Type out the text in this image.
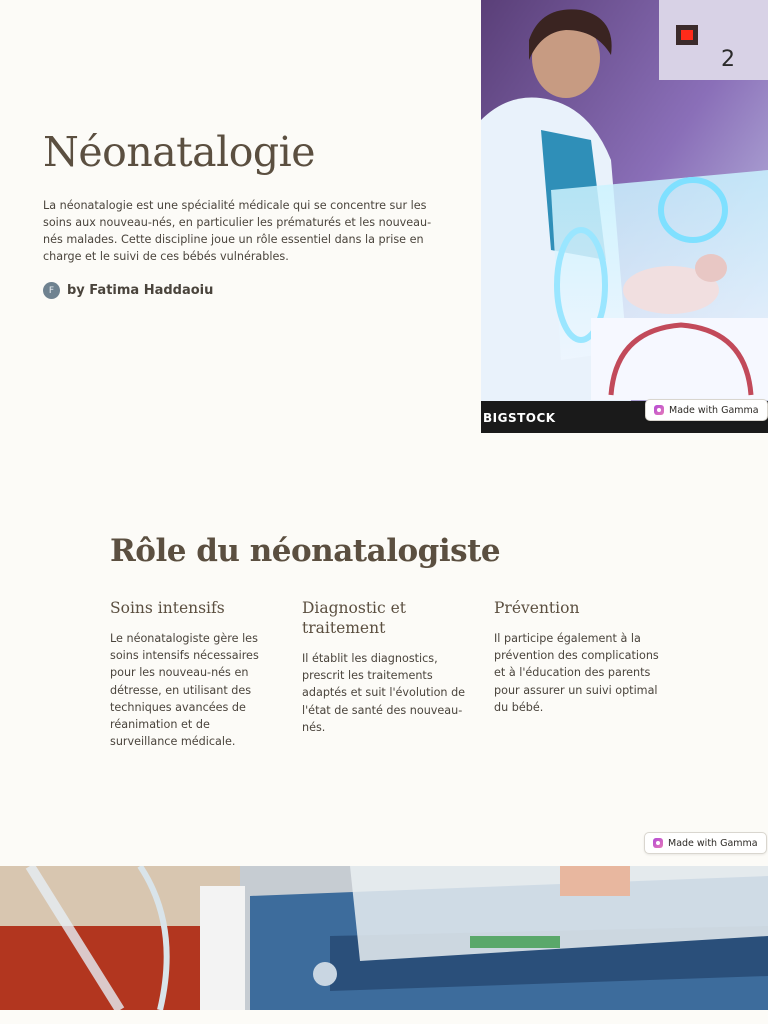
Néonatalogie

La néonatalogie est une spécialité médicale qui se concentre sur les soins aux nouveau-nés, en particulier les prématurés et les nouveau-nés malades. Cette discipline joue un rôle essentiel dans la prise en charge et le suivi de ces bébés vulnérables.

F by Fatima Haddaoiu
2
BIGSTOCK
Made with Gamma
Rôle du néonatalogiste
Soins intensifs

Le néonatalogiste gère les soins intensifs nécessaires pour les nouveau-nés en détresse, en utilisant des techniques avancées de réanimation et de surveillance médicale.

Diagnostic et traitement

Il établit les diagnostics, prescrit les traitements adaptés et suit l'évolution de l'état de santé des nouveau-nés.

Prévention

Il participe également à la prévention des complications et à l'éducation des parents pour assurer un suivi optimal du bébé.

Made with Gamma
